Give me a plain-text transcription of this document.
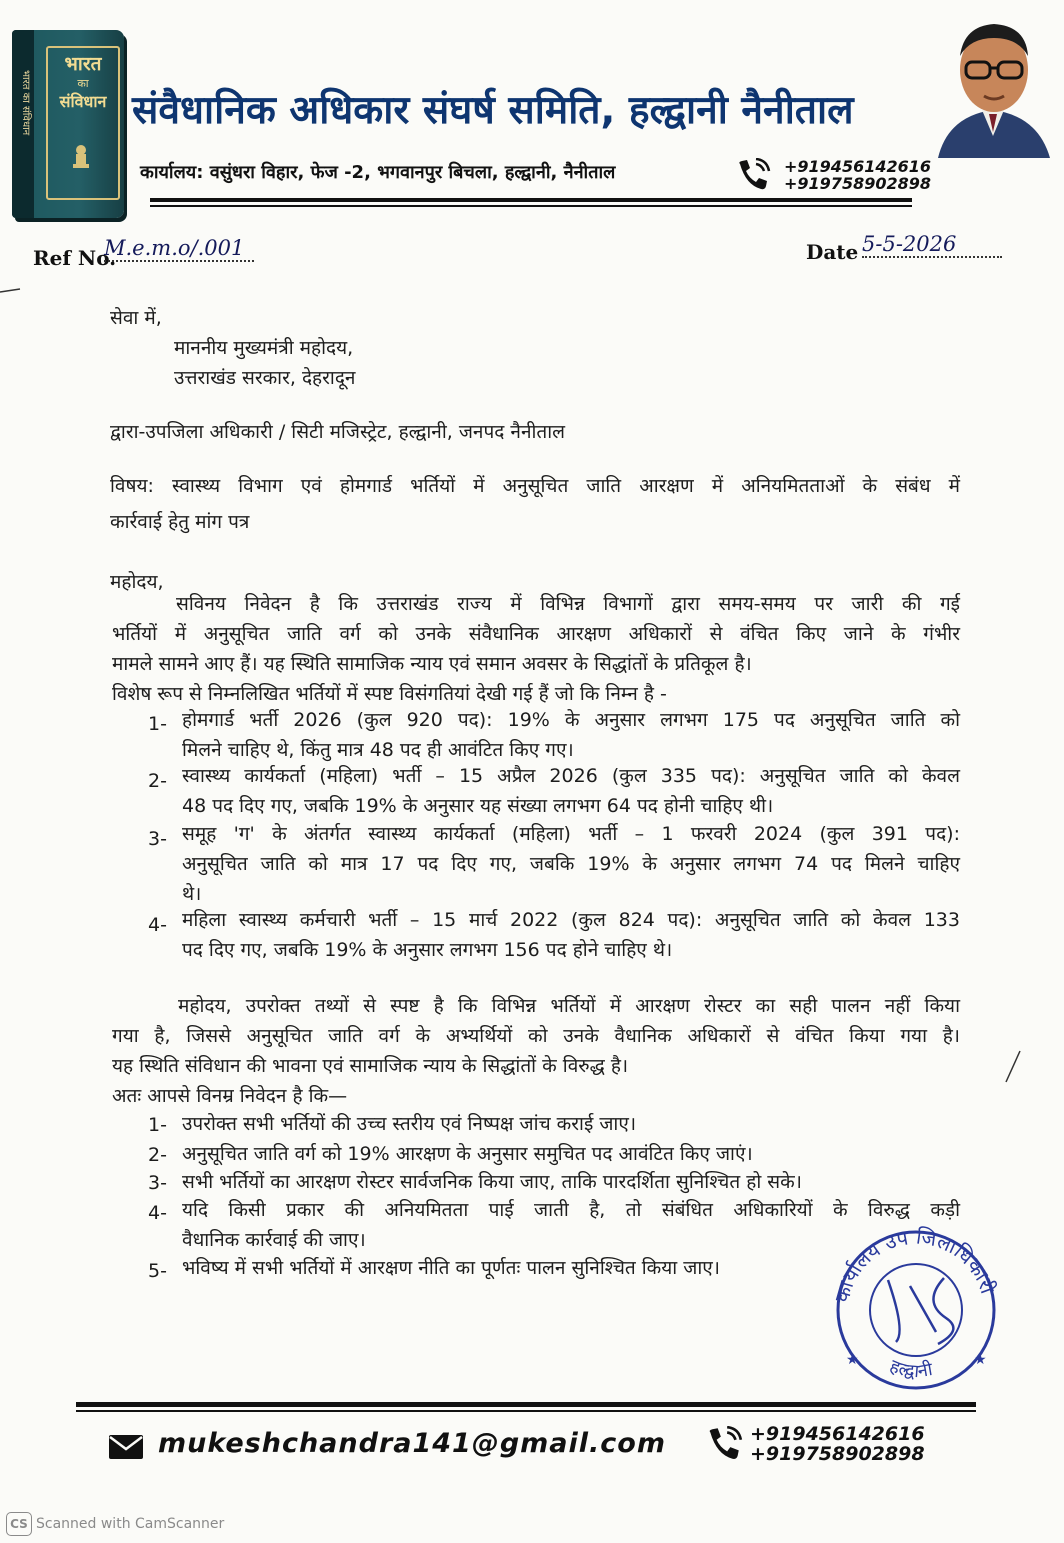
भारत का संविधान
भारत
का
संविधान संवैधानिक अधिकार संघर्ष समिति, हल्द्वानी नैनीताल
कार्यालय: वसुंधरा विहार, फेज -2, भगवानपुर बिचला, हल्द्वानी, नैनीताल	+919456142616
+919758902898
Ref No.
M.e.m.o/.001	Date 5-5-2026
सेवा में,
माननीय मुख्यमंत्री महोदय,
उत्तराखंड सरकार, देहरादून
द्वारा-उपजिला अधिकारी / सिटी मजिस्ट्रेट, हल्द्वानी, जनपद नैनीताल
विषय: स्वास्थ्य विभाग एवं होमगार्ड भर्तियों में अनुसूचित जाति आरक्षण में अनियमितताओं के संबंध में
कार्रवाई हेतु मांग पत्र
महोदय,
सविनय निवेदन है कि उत्तराखंड राज्य में विभिन्न विभागों द्वारा समय-समय पर जारी की गई
भर्तियों में अनुसूचित जाति वर्ग को उनके संवैधानिक आरक्षण अधिकारों से वंचित किए जाने के गंभीर
मामले सामने आए हैं। यह स्थिति सामाजिक न्याय एवं समान अवसर के सिद्धांतों के प्रतिकूल है।
विशेष रूप से निम्नलिखित भर्तियों में स्पष्ट विसंगतियां देखी गई हैं जो कि निम्न है -
1- होमगार्ड भर्ती 2026 (कुल 920 पद): 19% के अनुसार लगभग 175 पद अनुसूचित जाति को
मिलने चाहिए थे, किंतु मात्र 48 पद ही आवंटित किए गए।
2- स्वास्थ्य कार्यकर्ता (महिला) भर्ती – 15 अप्रैल 2026 (कुल 335 पद): अनुसूचित जाति को केवल
48 पद दिए गए, जबकि 19% के अनुसार यह संख्या लगभग 64 पद होनी चाहिए थी।
3- समूह 'ग' के अंतर्गत स्वास्थ्य कार्यकर्ता (महिला) भर्ती – 1 फरवरी 2024 (कुल 391 पद):
अनुसूचित जाति को मात्र 17 पद दिए गए, जबकि 19% के अनुसार लगभग 74 पद मिलने चाहिए
थे।
4- महिला स्वास्थ्य कर्मचारी भर्ती – 15 मार्च 2022 (कुल 824 पद): अनुसूचित जाति को केवल 133
पद दिए गए, जबकि 19% के अनुसार लगभग 156 पद होने चाहिए थे।
महोदय, उपरोक्त तथ्यों से स्पष्ट है कि विभिन्न भर्तियों में आरक्षण रोस्टर का सही पालन नहीं किया
गया है, जिससे अनुसूचित जाति वर्ग के अभ्यर्थियों को उनके वैधानिक अधिकारों से वंचित किया गया है।
यह स्थिति संविधान की भावना एवं सामाजिक न्याय के सिद्धांतों के विरुद्ध है।
अतः आपसे विनम्र निवेदन है कि—
1- उपरोक्त सभी भर्तियों की उच्च स्तरीय एवं निष्पक्ष जांच कराई जाए।
2- अनुसूचित जाति वर्ग को 19% आरक्षण के अनुसार समुचित पद आवंटित किए जाएं।
3- सभी भर्तियों का आरक्षण रोस्टर सार्वजनिक किया जाए, ताकि पारदर्शिता सुनिश्चित हो सके।
4- यदि किसी प्रकार की अनियमितता पाई जाती है, तो संबंधित अधिकारियों के विरुद्ध कड़ी
वैधानिक कार्रवाई की जाए।
5- भविष्य में सभी भर्तियों में आरक्षण नीति का पूर्णतः पालन सुनिश्चित किया जाए।
कार्यालय उप जिलाधिकारी
हल्द्वानी
★	★
mukeshchandra141@gmail.com	+919456142616
+919758902898
CS Scanned with CamScanner
